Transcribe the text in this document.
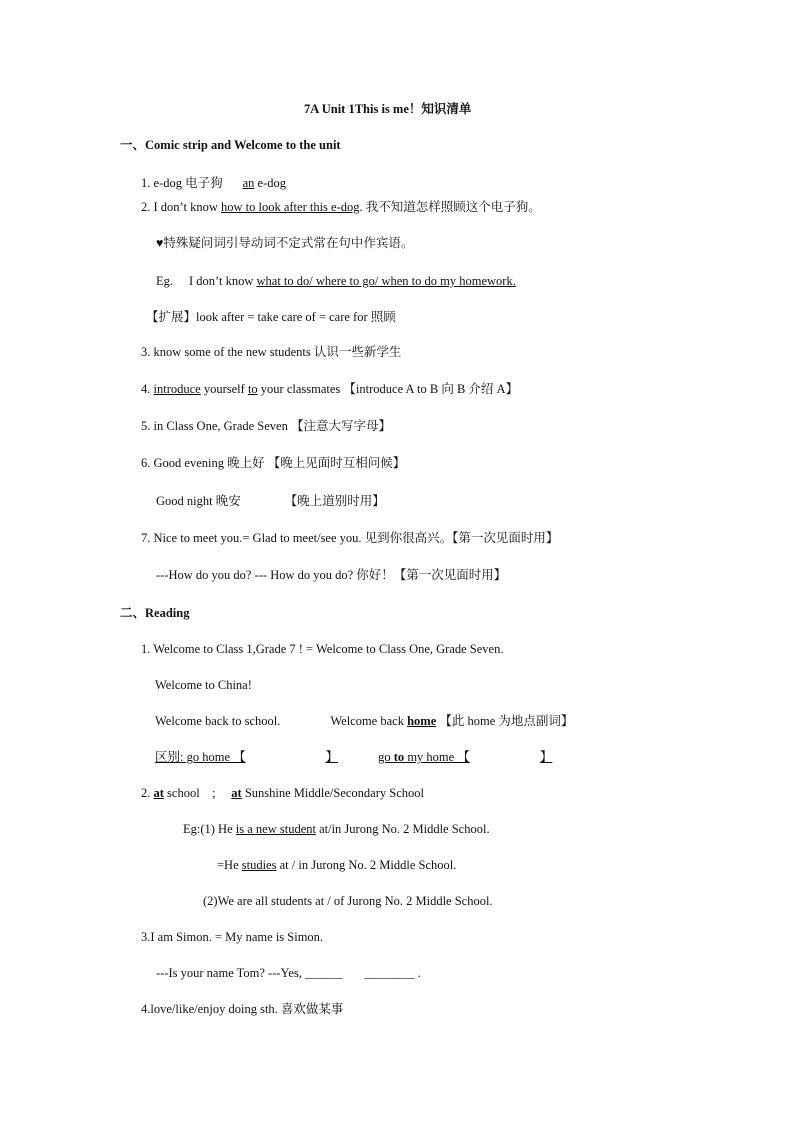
7A Unit 1This is me！知识清单
一、Comic strip and Welcome to the unit
1. e-dog 电子狗 an e-dog
2. I don’t know how to look after this e-dog. 我不知道怎样照顾这个电子狗。
♥特殊疑问词引导动词不定式常在句中作宾语。
Eg. I don’t know what to do/ where to go/ when to do my homework.
【扩展】look after = take care of = care for 照顾
3. know some of the new students 认识一些新学生
4. introduce yourself to your classmates 【introduce A to B 向 B 介绍 A】
5. in Class One, Grade Seven 【注意大写字母】
6. Good evening 晚上好 【晚上见面时互相问候】
Good night 晚安	【晚上道别时用】
7. Nice to meet you.= Glad to meet/see you. 见到你很高兴。【第一次见面时用】
---How do you do? --- How do you do? 你好！【第一次见面时用】
二、Reading
1. Welcome to Class 1,Grade 7 ! = Welcome to Class One, Grade Seven.
Welcome to China!
Welcome back to school.	Welcome back home 【此 home 为地点副词】
区别: go home 【	】	go to my home 【	】
2. at school    ;     at Sunshine Middle/Secondary School
Eg:(1) He is a new student at/in Jurong No. 2 Middle School.
=He studies at / in Jurong No. 2 Middle School.
(2)We are all students at / of Jurong No. 2 Middle School.
3.I am Simon. = My name is Simon.
---Is your name Tom? ---Yes, ______ ________ .
4.love/like/enjoy doing sth. 喜欢做某事
